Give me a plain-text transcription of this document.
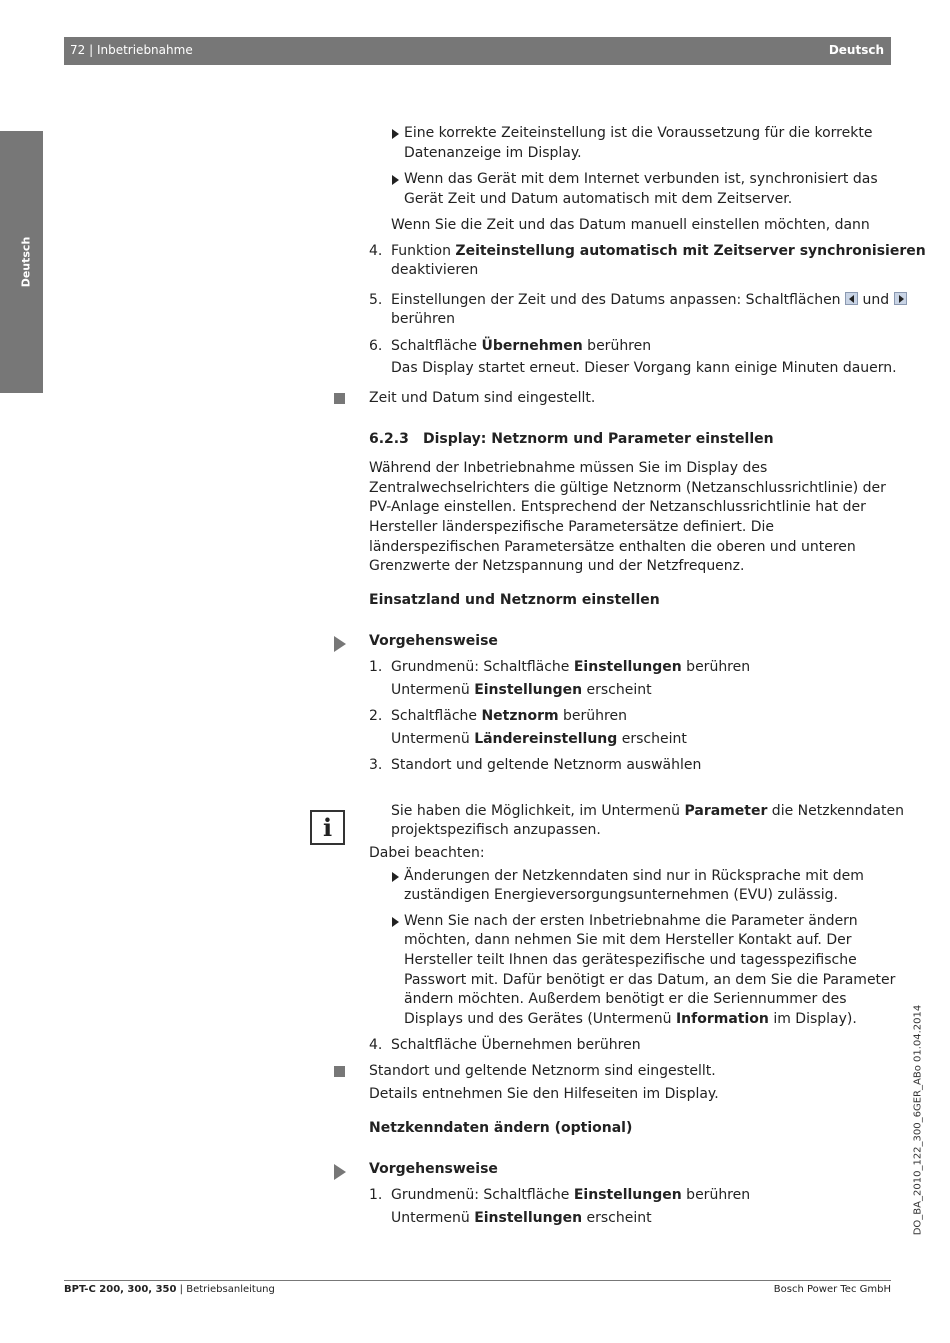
72 | Inbetriebnahme	Deutsch
Deutsch
DO_BA_2010_122_300_6GER_ABo 01.04.2014
Eine korrekte Zeiteinstellung ist die Voraussetzung für die korrekte
Datenanzeige im Display.
Wenn das Gerät mit dem Internet verbunden ist, synchronisiert das
Gerät Zeit und Datum automatisch mit dem Zeitserver.
Wenn Sie die Zeit und das Datum manuell einstellen möchten, dann
4. Funktion Zeiteinstellung automatisch mit Zeitserver synchronisieren
deaktivieren
5. Einstellungen der Zeit und des Datums anpassen: Schaltflächen und
berühren
6. Schaltfläche Übernehmen berühren
Das Display startet erneut. Dieser Vorgang kann einige Minuten dauern.
Zeit und Datum sind eingestellt.
6.2.3 Display: Netznorm und Parameter einstellen
Während der Inbetriebnahme müssen Sie im Display des
Zentralwechselrichters die gültige Netznorm (Netzanschlussrichtlinie) der
PV-Anlage einstellen. Entsprechend der Netzanschlussrichtlinie hat der
Hersteller länderspezifische Parametersätze definiert. Die
länderspezifischen Parametersätze enthalten die oberen und unteren
Grenzwerte der Netzspannung und der Netzfrequenz.
Einsatzland und Netznorm einstellen
Vorgehensweise
1. Grundmenü: Schaltfläche Einstellungen berühren
Untermenü Einstellungen erscheint
2. Schaltfläche Netznorm berühren
Untermenü Ländereinstellung erscheint
3. Standort und geltende Netznorm auswählen
i
Sie haben die Möglichkeit, im Untermenü Parameter die Netzkenndaten
projektspezifisch anzupassen.
Dabei beachten:
Änderungen der Netzkenndaten sind nur in Rücksprache mit dem
zuständigen Energieversorgungsunternehmen (EVU) zulässig.
Wenn Sie nach der ersten Inbetriebnahme die Parameter ändern
möchten, dann nehmen Sie mit dem Hersteller Kontakt auf. Der
Hersteller teilt Ihnen das gerätespezifische und tagesspezifische
Passwort mit. Dafür benötigt er das Datum, an dem Sie die Parameter
ändern möchten. Außerdem benötigt er die Seriennummer des
Displays und des Gerätes (Untermenü Information im Display).
4. Schaltfläche Übernehmen berühren
Standort und geltende Netznorm sind eingestellt.
Details entnehmen Sie den Hilfeseiten im Display.
Netzkenndaten ändern (optional)
Vorgehensweise
1. Grundmenü: Schaltfläche Einstellungen berühren
Untermenü Einstellungen erscheint
BPT-C 200, 300, 350 | Betriebsanleitung	Bosch Power Tec GmbH
